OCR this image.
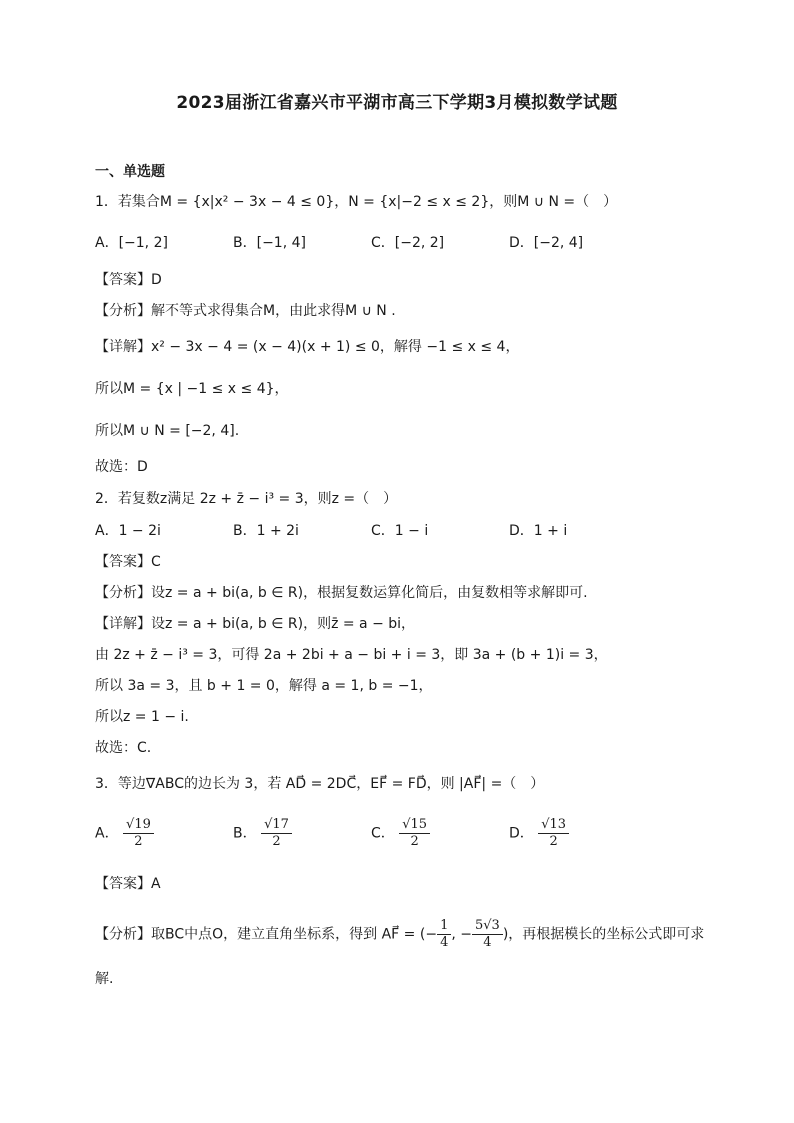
2023届浙江省嘉兴市平湖市高三下学期3月模拟数学试题
一、单选题
1．若集合M = {x|x² − 3x − 4 ≤ 0}，N = {x|−2 ≤ x ≤ 2}，则M ∪ N =（　）
A．[−1, 2]	B．[−1, 4]	C．[−2, 2]	D．[−2, 4]
【答案】D
【分析】解不等式求得集合M，由此求得M ∪ N .
【详解】x² − 3x − 4 = (x − 4)(x + 1) ≤ 0，解得 −1 ≤ x ≤ 4，
所以M = {x | −1 ≤ x ≤ 4}，
所以M ∪ N = [−2, 4].
故选：D
2．若复数z满足 2z + z̄ − i³ = 3，则z =（　）
A．1 − 2i	B．1 + 2i	C．1 − i	D．1 + i
【答案】C
【分析】设z = a + bi(a, b ∈ R)，根据复数运算化简后，由复数相等求解即可.
【详解】设z = a + bi(a, b ∈ R)，则z̄ = a − bi，
由 2z + z̄ − i³ = 3，可得 2a + 2bi + a − bi + i = 3，即 3a + (b + 1)i = 3，
所以 3a = 3，且 b + 1 = 0，解得 a = 1, b = −1，
所以z = 1 − i.
故选：C.
3．等边∇ABC的边长为 3，若 AD⃗ = 2DC⃗，EF⃗ = FD⃗，则 |AF⃗| =（　）
A． $\frac{√19}{2}$	B． $\frac{√17}{2}$	C． $\frac{√15}{2}$	D． $\frac{√13}{2}$
【答案】A
【分析】取BC中点O，建立直角坐标系，得到 AF⃗ = (− $\frac{1}{4}$ , − $\frac{5√3}{4}$ )，再根据模长的坐标公式即可求
解.
